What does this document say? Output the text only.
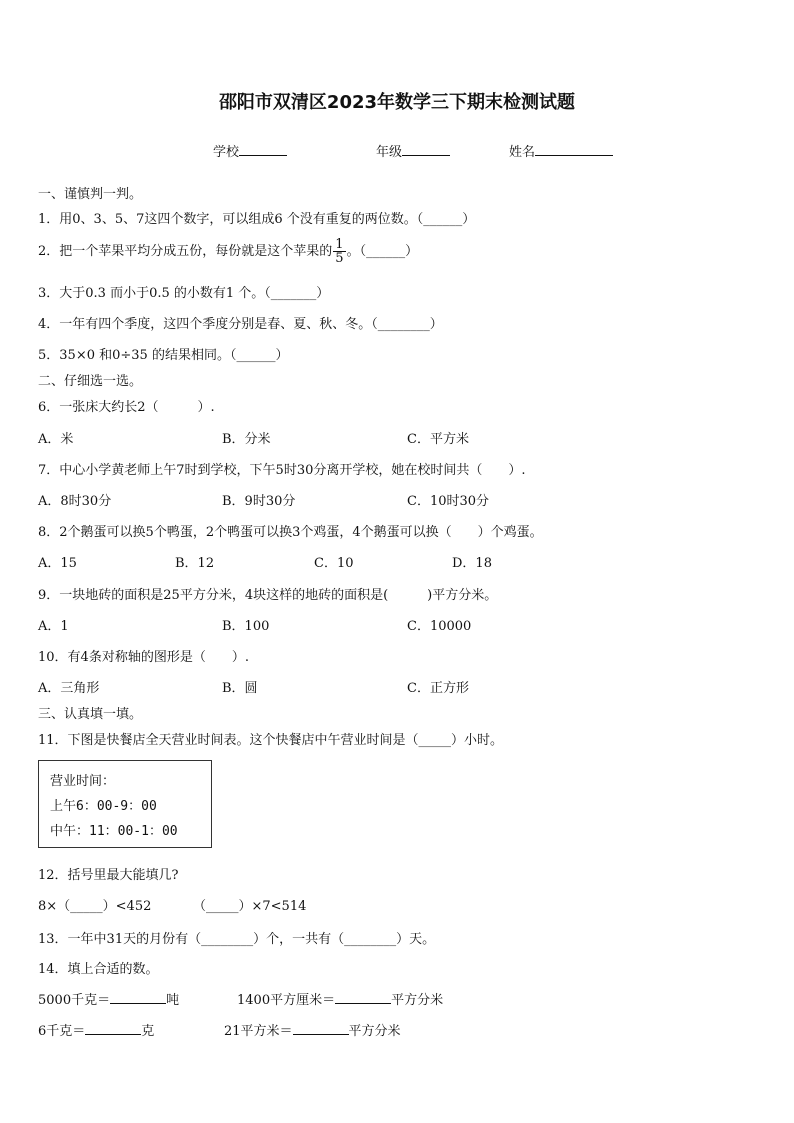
邵阳市双清区2023年数学三下期末检测试题
学校	年级	姓名
一、谨慎判一判。
1．用0、3、5、7这四个数字，可以组成6 个没有重复的两位数。（______）
2．把一个苹果平均分成五份，每份就是这个苹果的 $\frac{1}{5}$ 。（______）
3．大于0.3 而小于0.5 的小数有1 个。（_______）
4．一年有四个季度，这四个季度分别是春、夏、秋、冬。（________）
5．35×0 和0÷35 的结果相同。（______）
二、仔细选一选。
6．一张床大约长2（　　　）.
A．米	B．分米	C．平方米
7．中心小学黄老师上午7时到学校，下午5时30分离开学校，她在校时间共（　　）.
A．8时30分	B．9时30分	C．10时30分
8．2个鹅蛋可以换5个鸭蛋，2个鸭蛋可以换3个鸡蛋，4个鹅蛋可以换（　　）个鸡蛋。
A．15	B．12	C．10	D．18
9．一块地砖的面积是25平方分米，4块这样的地砖的面积是(　　　)平方分米。
A．1	B．100	C．10000
10．有4条对称轴的图形是（　　）.
A．三角形	B．圆	C．正方形
三、认真填一填。
11．下图是快餐店全天营业时间表。这个快餐店中午营业时间是（_____）小时。
营业时间：
上午6：00-9：00
中午：11：00-1：00
12．括号里最大能填几?
8×（_____）<452	（_____）×7<514
13．一年中31天的月份有（________）个，一共有（________）天。
14．填上合适的数。
5000千克＝	吨	1400平方厘米＝	平方分米
6千克＝	克	21平方米＝	平方分米
